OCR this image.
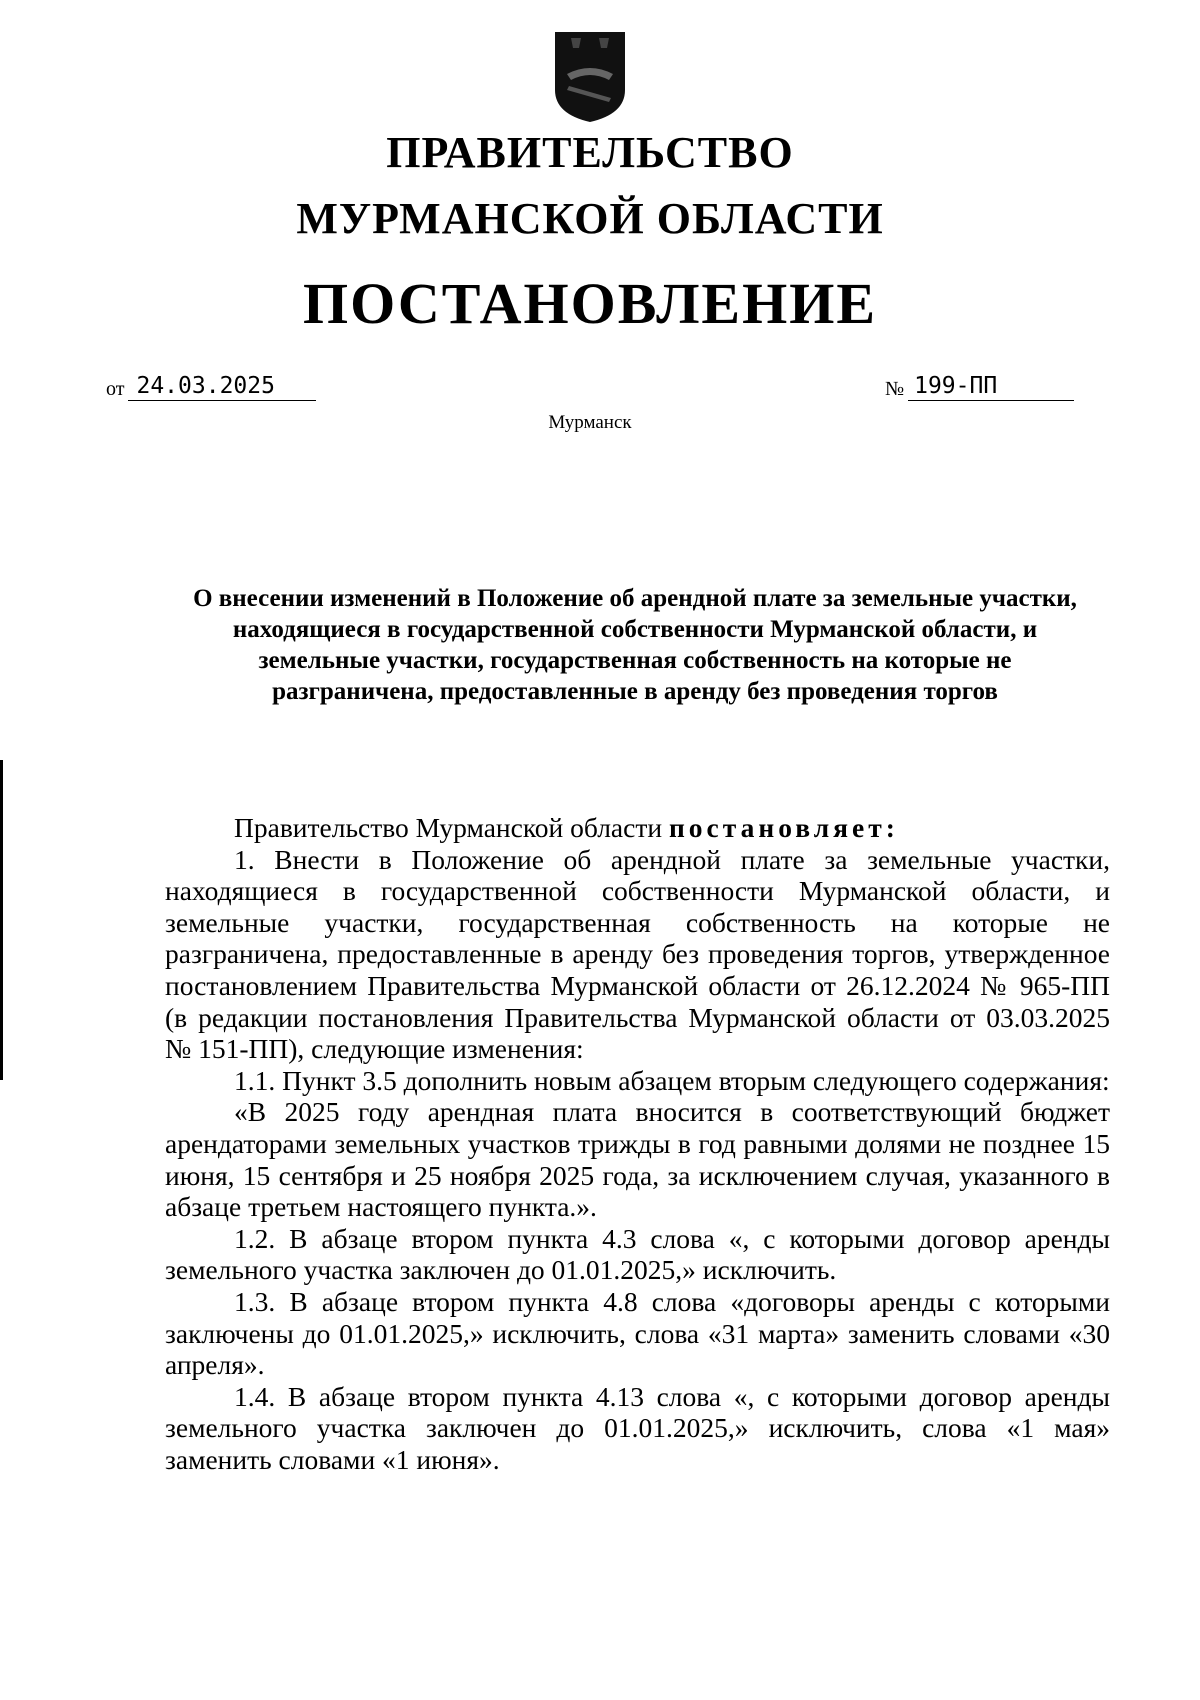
ПРАВИТЕЛЬСТВО
МУРМАНСКОЙ ОБЛАСТИ
ПОСТАНОВЛЕНИЕ
от 24.03.2025	№ 199-ПП
Мурманск
О внесении изменений в Положение об арендной плате за земельные участки, находящиеся в государственной собственности Мурманской области, и земельные участки, государственная собственность на которые не разграничена, предоставленные в аренду без проведения торгов

Правительство Мурманской области постановляет:

1. Внести в Положение об арендной плате за земельные участки, находящиеся в государственной собственности Мурманской области, и земельные участки, государственная собственность на которые не разграничена, предоставленные в аренду без проведения торгов, утвержденное постановлением Правительства Мурманской области от 26.12.2024 № 965-ПП (в редакции постановления Правительства Мурманской области от 03.03.2025 № 151-ПП), следующие изменения:

1.1. Пункт 3.5 дополнить новым абзацем вторым следующего содержания:

«В 2025 году арендная плата вносится в соответствующий бюджет арендаторами земельных участков трижды в год равными долями не позднее 15 июня, 15 сентября и 25 ноября 2025 года, за исключением случая, указанного в абзаце третьем настоящего пункта.».

1.2. В абзаце втором пункта 4.3 слова «, с которыми договор аренды земельного участка заключен до 01.01.2025,» исключить.

1.3. В абзаце втором пункта 4.8 слова «договоры аренды с которыми заключены до 01.01.2025,» исключить, слова «31 марта» заменить словами «30 апреля».

1.4. В абзаце втором пункта 4.13 слова «, с которыми договор аренды земельного участка заключен до 01.01.2025,» исключить, слова «1 мая» заменить словами «1 июня».
